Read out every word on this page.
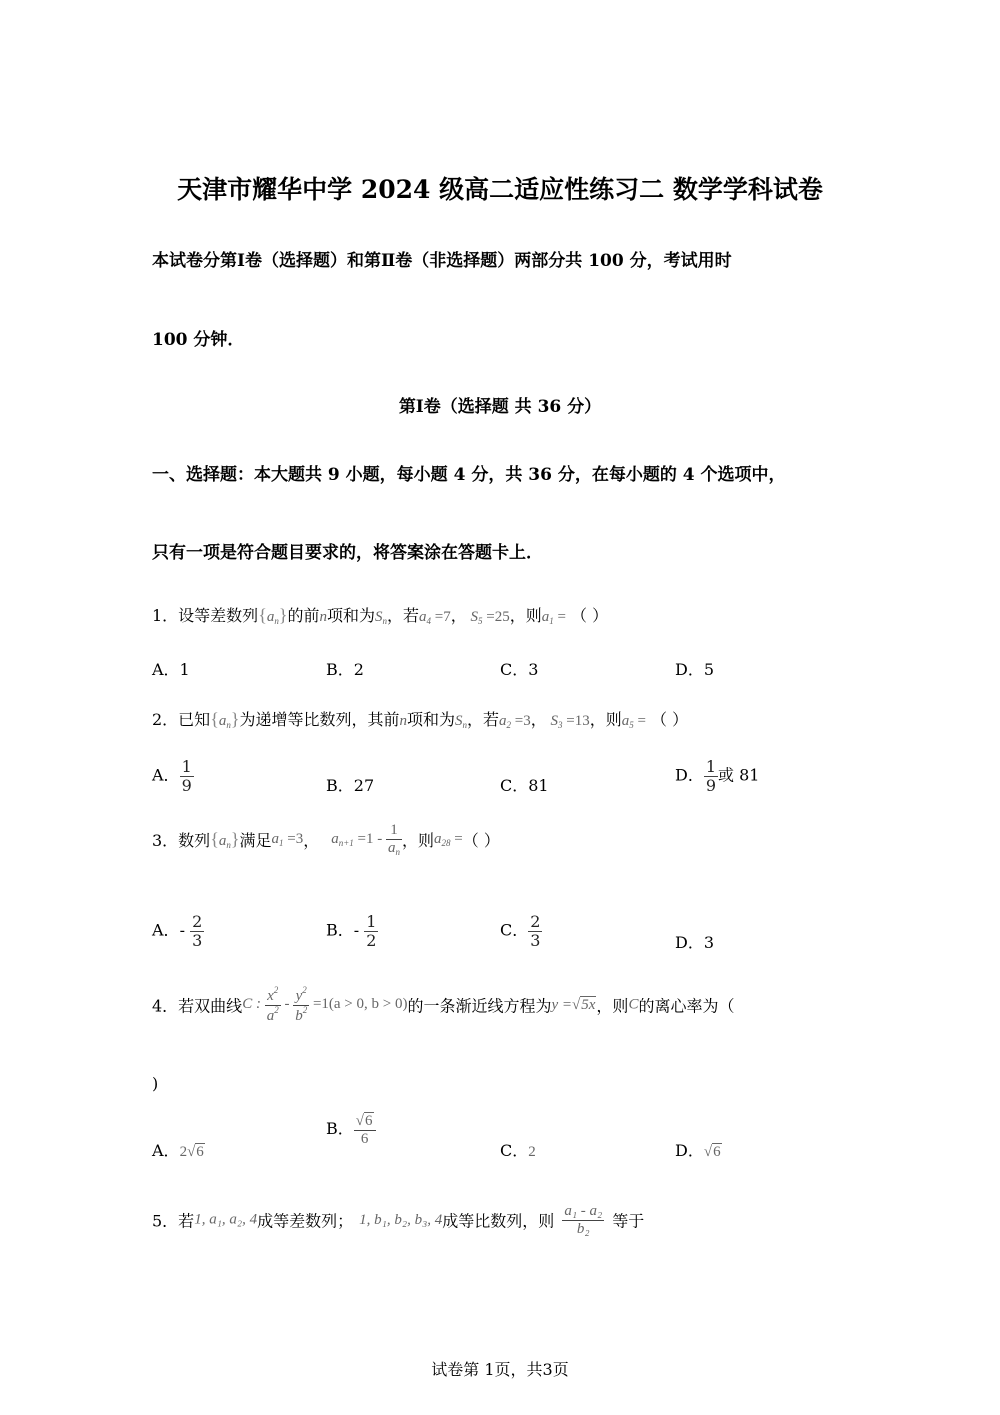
天津市耀华中学 2024 级高二适应性练习二 数学学科试卷
本试卷分第Ⅰ卷（选择题）和第Ⅱ卷（非选择题）两部分共 100 分，考试用时
100 分钟．
第Ⅰ卷（选择题 共 36 分）
一、选择题：本大题共 9 小题，每小题 4 分，共 36 分，在每小题的 4 个选项中，
只有一项是符合题目要求的，将答案涂在答题卡上．
1．设等差数列$\{a_n\}$的前n项和为$S_n$，若$a_4 =7$， $S_5 =25$，则$a_1$ = （ ）
A．1	B．2	C．3	D．5
2．已知$\{a_n\}$为递增等比数列，其前n项和为$S_n$，若$a_2 =3$， $S_3 =13$，则$a_5$ = （ ）
A． $\frac{1}{9}$	B．27	C．81
D． $\frac{1}{9}$ 或 81
3．数列$\{a_n\}$满足$a_1 =3$， $a_{n+1} =1 - \frac{1}{a_n}$ ，则$a_{28}$ =（ ）
A．- $\frac{2}{3}$	B．- $\frac{1}{2}$	C． $\frac{2}{3}$	D．3
4．若双曲线C : $\frac{x^2}{a^2} - \frac{y^2}{b^2} =1(a > 0$, b > 0)的一条渐近线方程为y =√5x，则C的离心率为（
)
A．2√6
B． $\frac{√6}{6}$
C．2	D．√6
5．若1, a₁, a₂, 4成等差数列； 1, b₁, b₂, b₃, 4成等比数列，则 $\frac{\text{a₁ - a₂}}{\text{b₂}}$ 等于
试卷第 1页，共3页
